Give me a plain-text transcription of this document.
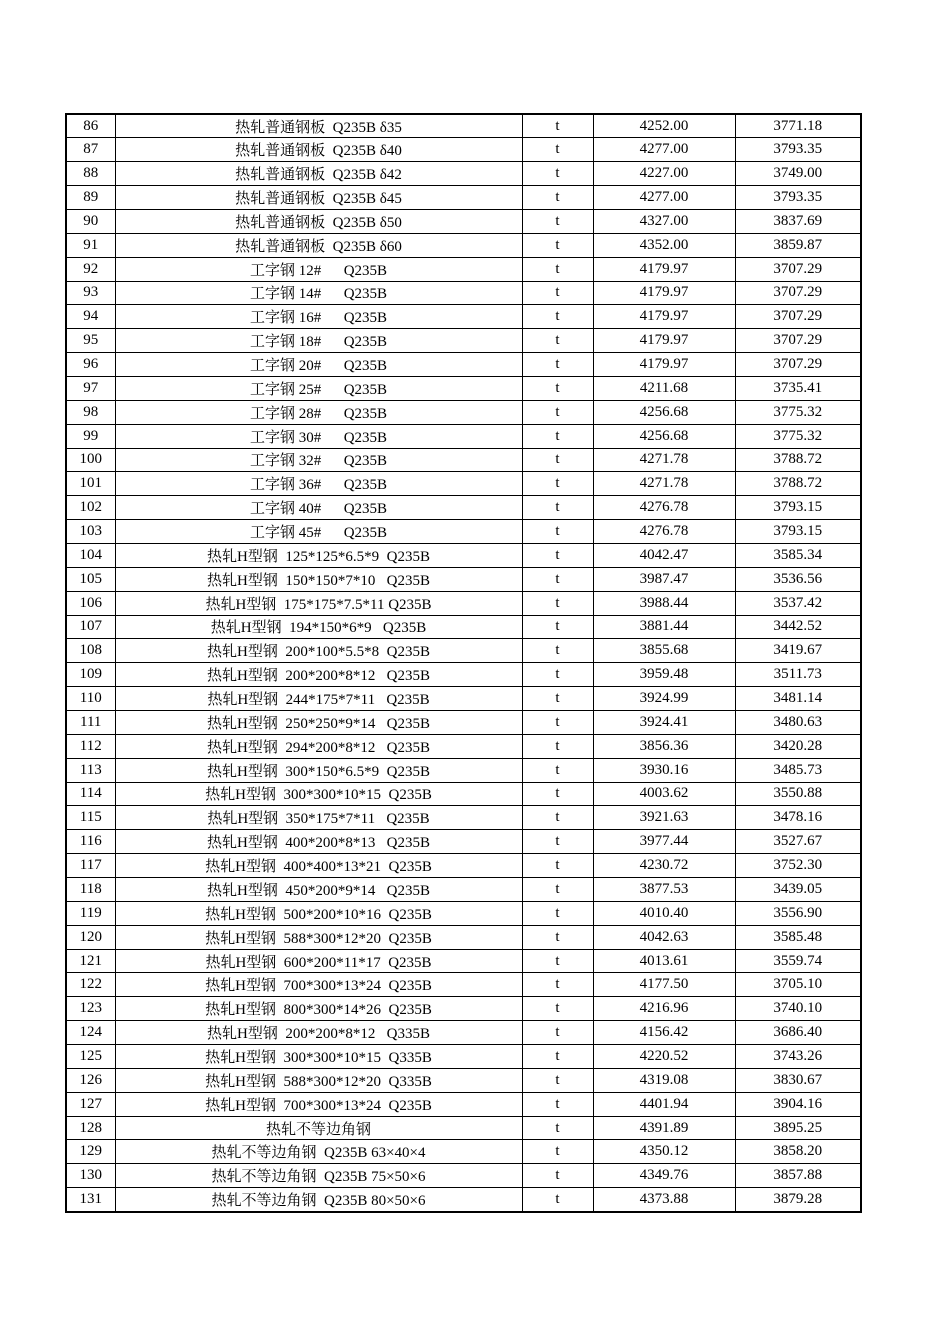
86	热轧普通钢板  Q235B δ35	t	4252.00	3771.18
87	热轧普通钢板  Q235B δ40	t	4277.00	3793.35
88	热轧普通钢板  Q235B δ42	t	4227.00	3749.00
89	热轧普通钢板  Q235B δ45	t	4277.00	3793.35
90	热轧普通钢板  Q235B δ50	t	4327.00	3837.69
91	热轧普通钢板  Q235B δ60	t	4352.00	3859.87
92	工字钢 12#      Q235B	t	4179.97	3707.29
93	工字钢 14#      Q235B	t	4179.97	3707.29
94	工字钢 16#      Q235B	t	4179.97	3707.29
95	工字钢 18#      Q235B	t	4179.97	3707.29
96	工字钢 20#      Q235B	t	4179.97	3707.29
97	工字钢 25#      Q235B	t	4211.68	3735.41
98	工字钢 28#      Q235B	t	4256.68	3775.32
99	工字钢 30#      Q235B	t	4256.68	3775.32
100	工字钢 32#      Q235B	t	4271.78	3788.72
101	工字钢 36#      Q235B	t	4271.78	3788.72
102	工字钢 40#      Q235B	t	4276.78	3793.15
103	工字钢 45#      Q235B	t	4276.78	3793.15
104	热轧H型钢  125*125*6.5*9  Q235B	t	4042.47	3585.34
105	热轧H型钢  150*150*7*10   Q235B	t	3987.47	3536.56
106	热轧H型钢  175*175*7.5*11 Q235B	t	3988.44	3537.42
107	热轧H型钢  194*150*6*9   Q235B	t	3881.44	3442.52
108	热轧H型钢  200*100*5.5*8  Q235B	t	3855.68	3419.67
109	热轧H型钢  200*200*8*12   Q235B	t	3959.48	3511.73
110	热轧H型钢  244*175*7*11   Q235B	t	3924.99	3481.14
111	热轧H型钢  250*250*9*14   Q235B	t	3924.41	3480.63
112	热轧H型钢  294*200*8*12   Q235B	t	3856.36	3420.28
113	热轧H型钢  300*150*6.5*9  Q235B	t	3930.16	3485.73
114	热轧H型钢  300*300*10*15  Q235B	t	4003.62	3550.88
115	热轧H型钢  350*175*7*11   Q235B	t	3921.63	3478.16
116	热轧H型钢  400*200*8*13   Q235B	t	3977.44	3527.67
117	热轧H型钢  400*400*13*21  Q235B	t	4230.72	3752.30
118	热轧H型钢  450*200*9*14   Q235B	t	3877.53	3439.05
119	热轧H型钢  500*200*10*16  Q235B	t	4010.40	3556.90
120	热轧H型钢  588*300*12*20  Q235B	t	4042.63	3585.48
121	热轧H型钢  600*200*11*17  Q235B	t	4013.61	3559.74
122	热轧H型钢  700*300*13*24  Q235B	t	4177.50	3705.10
123	热轧H型钢  800*300*14*26  Q235B	t	4216.96	3740.10
124	热轧H型钢  200*200*8*12   Q335B	t	4156.42	3686.40
125	热轧H型钢  300*300*10*15  Q335B	t	4220.52	3743.26
126	热轧H型钢  588*300*12*20  Q335B	t	4319.08	3830.67
127	热轧H型钢  700*300*13*24  Q235B	t	4401.94	3904.16
128	热轧不等边角钢	t	4391.89	3895.25
129	热轧不等边角钢  Q235B 63×40×4	t	4350.12	3858.20
130	热轧不等边角钢  Q235B 75×50×6	t	4349.76	3857.88
131	热轧不等边角钢  Q235B 80×50×6	t	4373.88	3879.28
